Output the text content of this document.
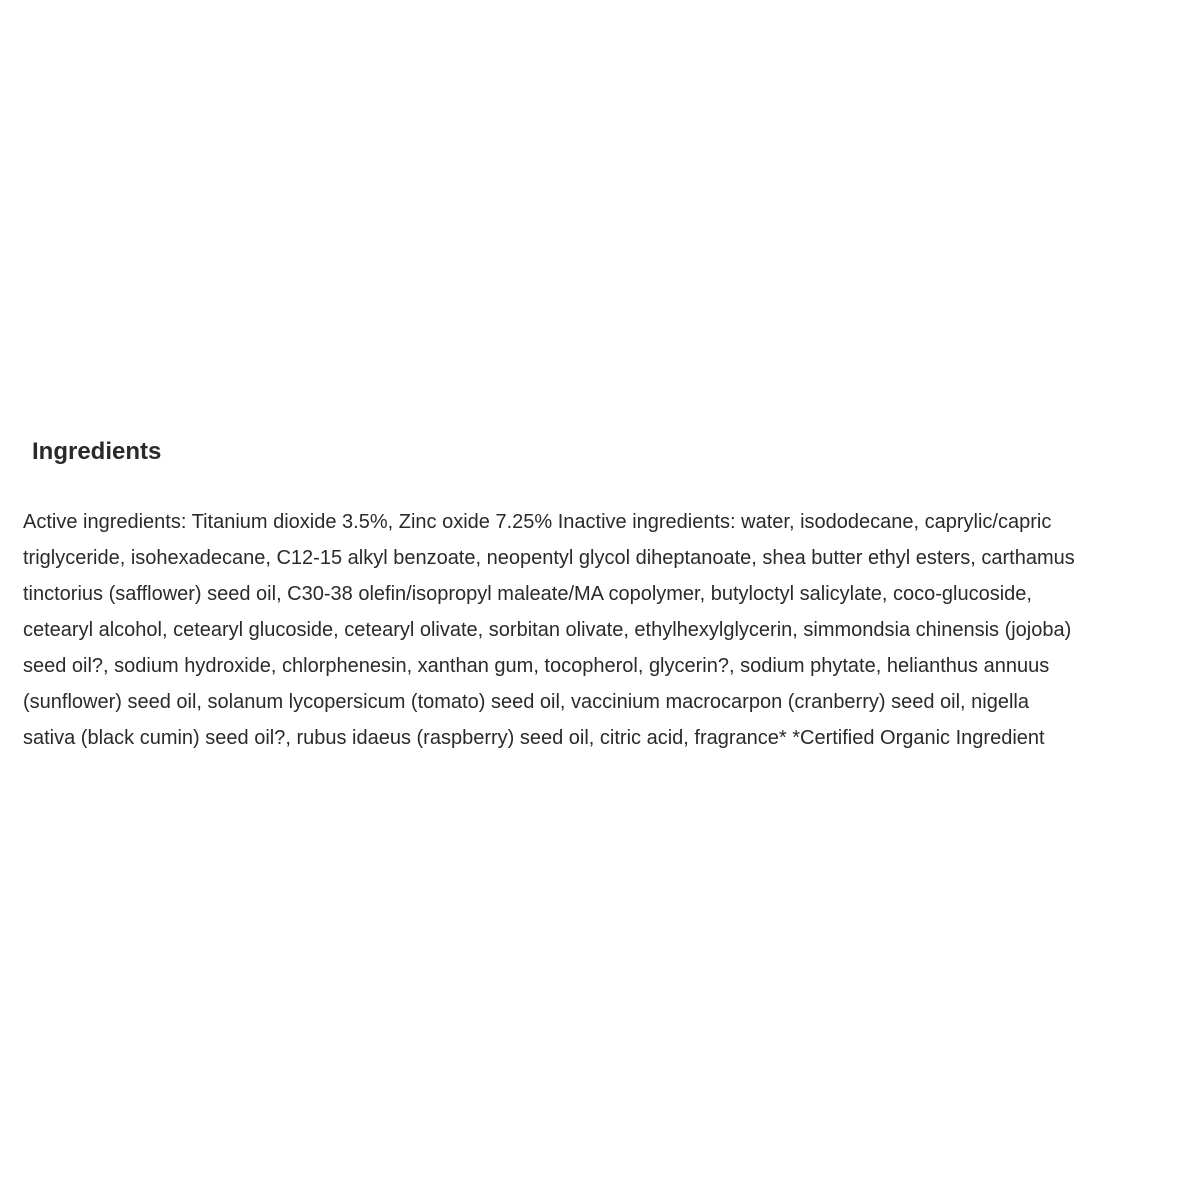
Ingredients

Active ingredients: Titanium dioxide 3.5%, Zinc oxide 7.25% Inactive ingredients: water, isododecane, caprylic/capric
triglyceride, isohexadecane, C12-15 alkyl benzoate, neopentyl glycol diheptanoate, shea butter ethyl esters, carthamus
tinctorius (safflower) seed oil, C30-38 olefin/isopropyl maleate/MA copolymer, butyloctyl salicylate, coco-glucoside,
cetearyl alcohol, cetearyl glucoside, cetearyl olivate, sorbitan olivate, ethylhexylglycerin, simmondsia chinensis (jojoba)
seed oil?, sodium hydroxide, chlorphenesin, xanthan gum, tocopherol, glycerin?, sodium phytate, helianthus annuus
(sunflower) seed oil, solanum lycopersicum (tomato) seed oil, vaccinium macrocarpon (cranberry) seed oil, nigella
sativa (black cumin) seed oil?, rubus idaeus (raspberry) seed oil, citric acid, fragrance* *Certified Organic Ingredient
